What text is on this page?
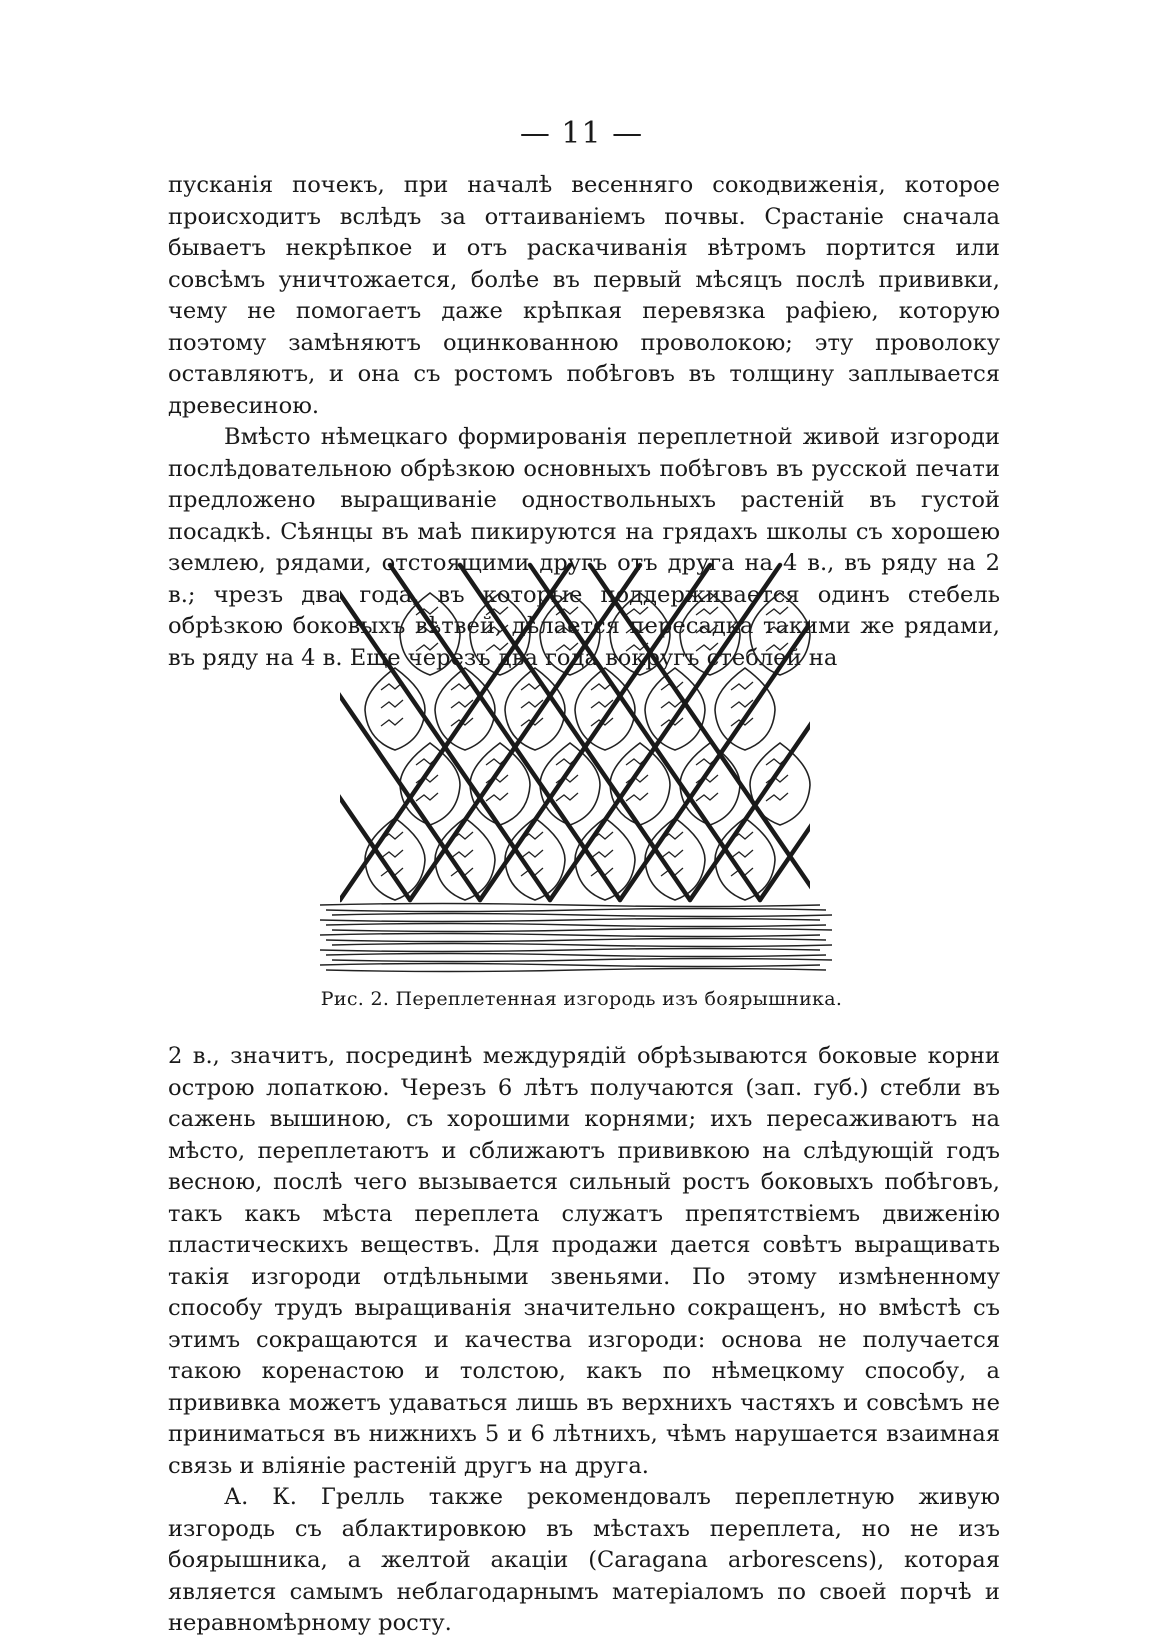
— 11 —

пусканія почекъ, при началѣ весенняго сокодвиженія, которое происходитъ вслѣдъ за оттаиваніемъ почвы. Срастаніе сначала бываетъ некрѣпкое и отъ раскачиванія вѣтромъ портится или совсѣмъ уничтожается, болѣе въ первый мѣсяцъ послѣ прививки, чему не помогаетъ даже крѣпкая перевязка рафіею, которую поэтому замѣняютъ оцинкованною проволокою; эту проволоку оставляютъ, и она съ ростомъ побѣговъ въ толщину заплывается древесиною.

Вмѣсто нѣмецкаго формированія переплетной живой изгороди послѣдовательною обрѣзкою основныхъ побѣговъ въ русской печати предложено выращиваніе одноствольныхъ растеній въ густой посадкѣ. Сѣянцы въ маѣ пикируются на грядахъ школы съ хорошею землею, рядами, отстоящими другъ отъ друга на 4 в., въ ряду на 2 в.; чрезъ два года, въ которые поддерживается одинъ стебель обрѣзкою боковыхъ вѣтвей, дѣлается пересадка такими же рядами, въ ряду на 4 в. Еще черезъ два года вокругъ стеблей на

Рис. 2. Переплетенная изгородь изъ боярышника.

2 в., значитъ, посрединѣ междурядій обрѣзываются боковые корни острою лопаткою. Черезъ 6 лѣтъ получаются (зап. губ.) стебли въ сажень вышиною, съ хорошими корнями; ихъ пересаживаютъ на мѣсто, переплетаютъ и сближаютъ прививкою на слѣдующій годъ весною, послѣ чего вызывается сильный ростъ боковыхъ побѣговъ, такъ какъ мѣста переплета служатъ препятствіемъ движенію пластическихъ веществъ. Для продажи дается совѣтъ выращивать такія изгороди отдѣльными звеньями. По этому измѣненному способу трудъ выращиванія значительно сокращенъ, но вмѣстѣ съ этимъ сокращаются и качества изгороди: основа не получается такою коренастою и толстою, какъ по нѣмецкому способу, а прививка можетъ удаваться лишь въ верхнихъ частяхъ и совсѣмъ не приниматься въ нижнихъ 5 и 6 лѣтнихъ, чѣмъ нарушается взаимная связь и вліяніе растеній другъ на друга.

А. К. Грелль также рекомендовалъ переплетную живую изгородь съ аблактировкою въ мѣстахъ переплета, но не изъ боярышника, а желтой акаціи (Caragana arborescens), которая является самымъ неблагодарнымъ матеріаломъ по своей порчѣ и неравномѣрному росту.
